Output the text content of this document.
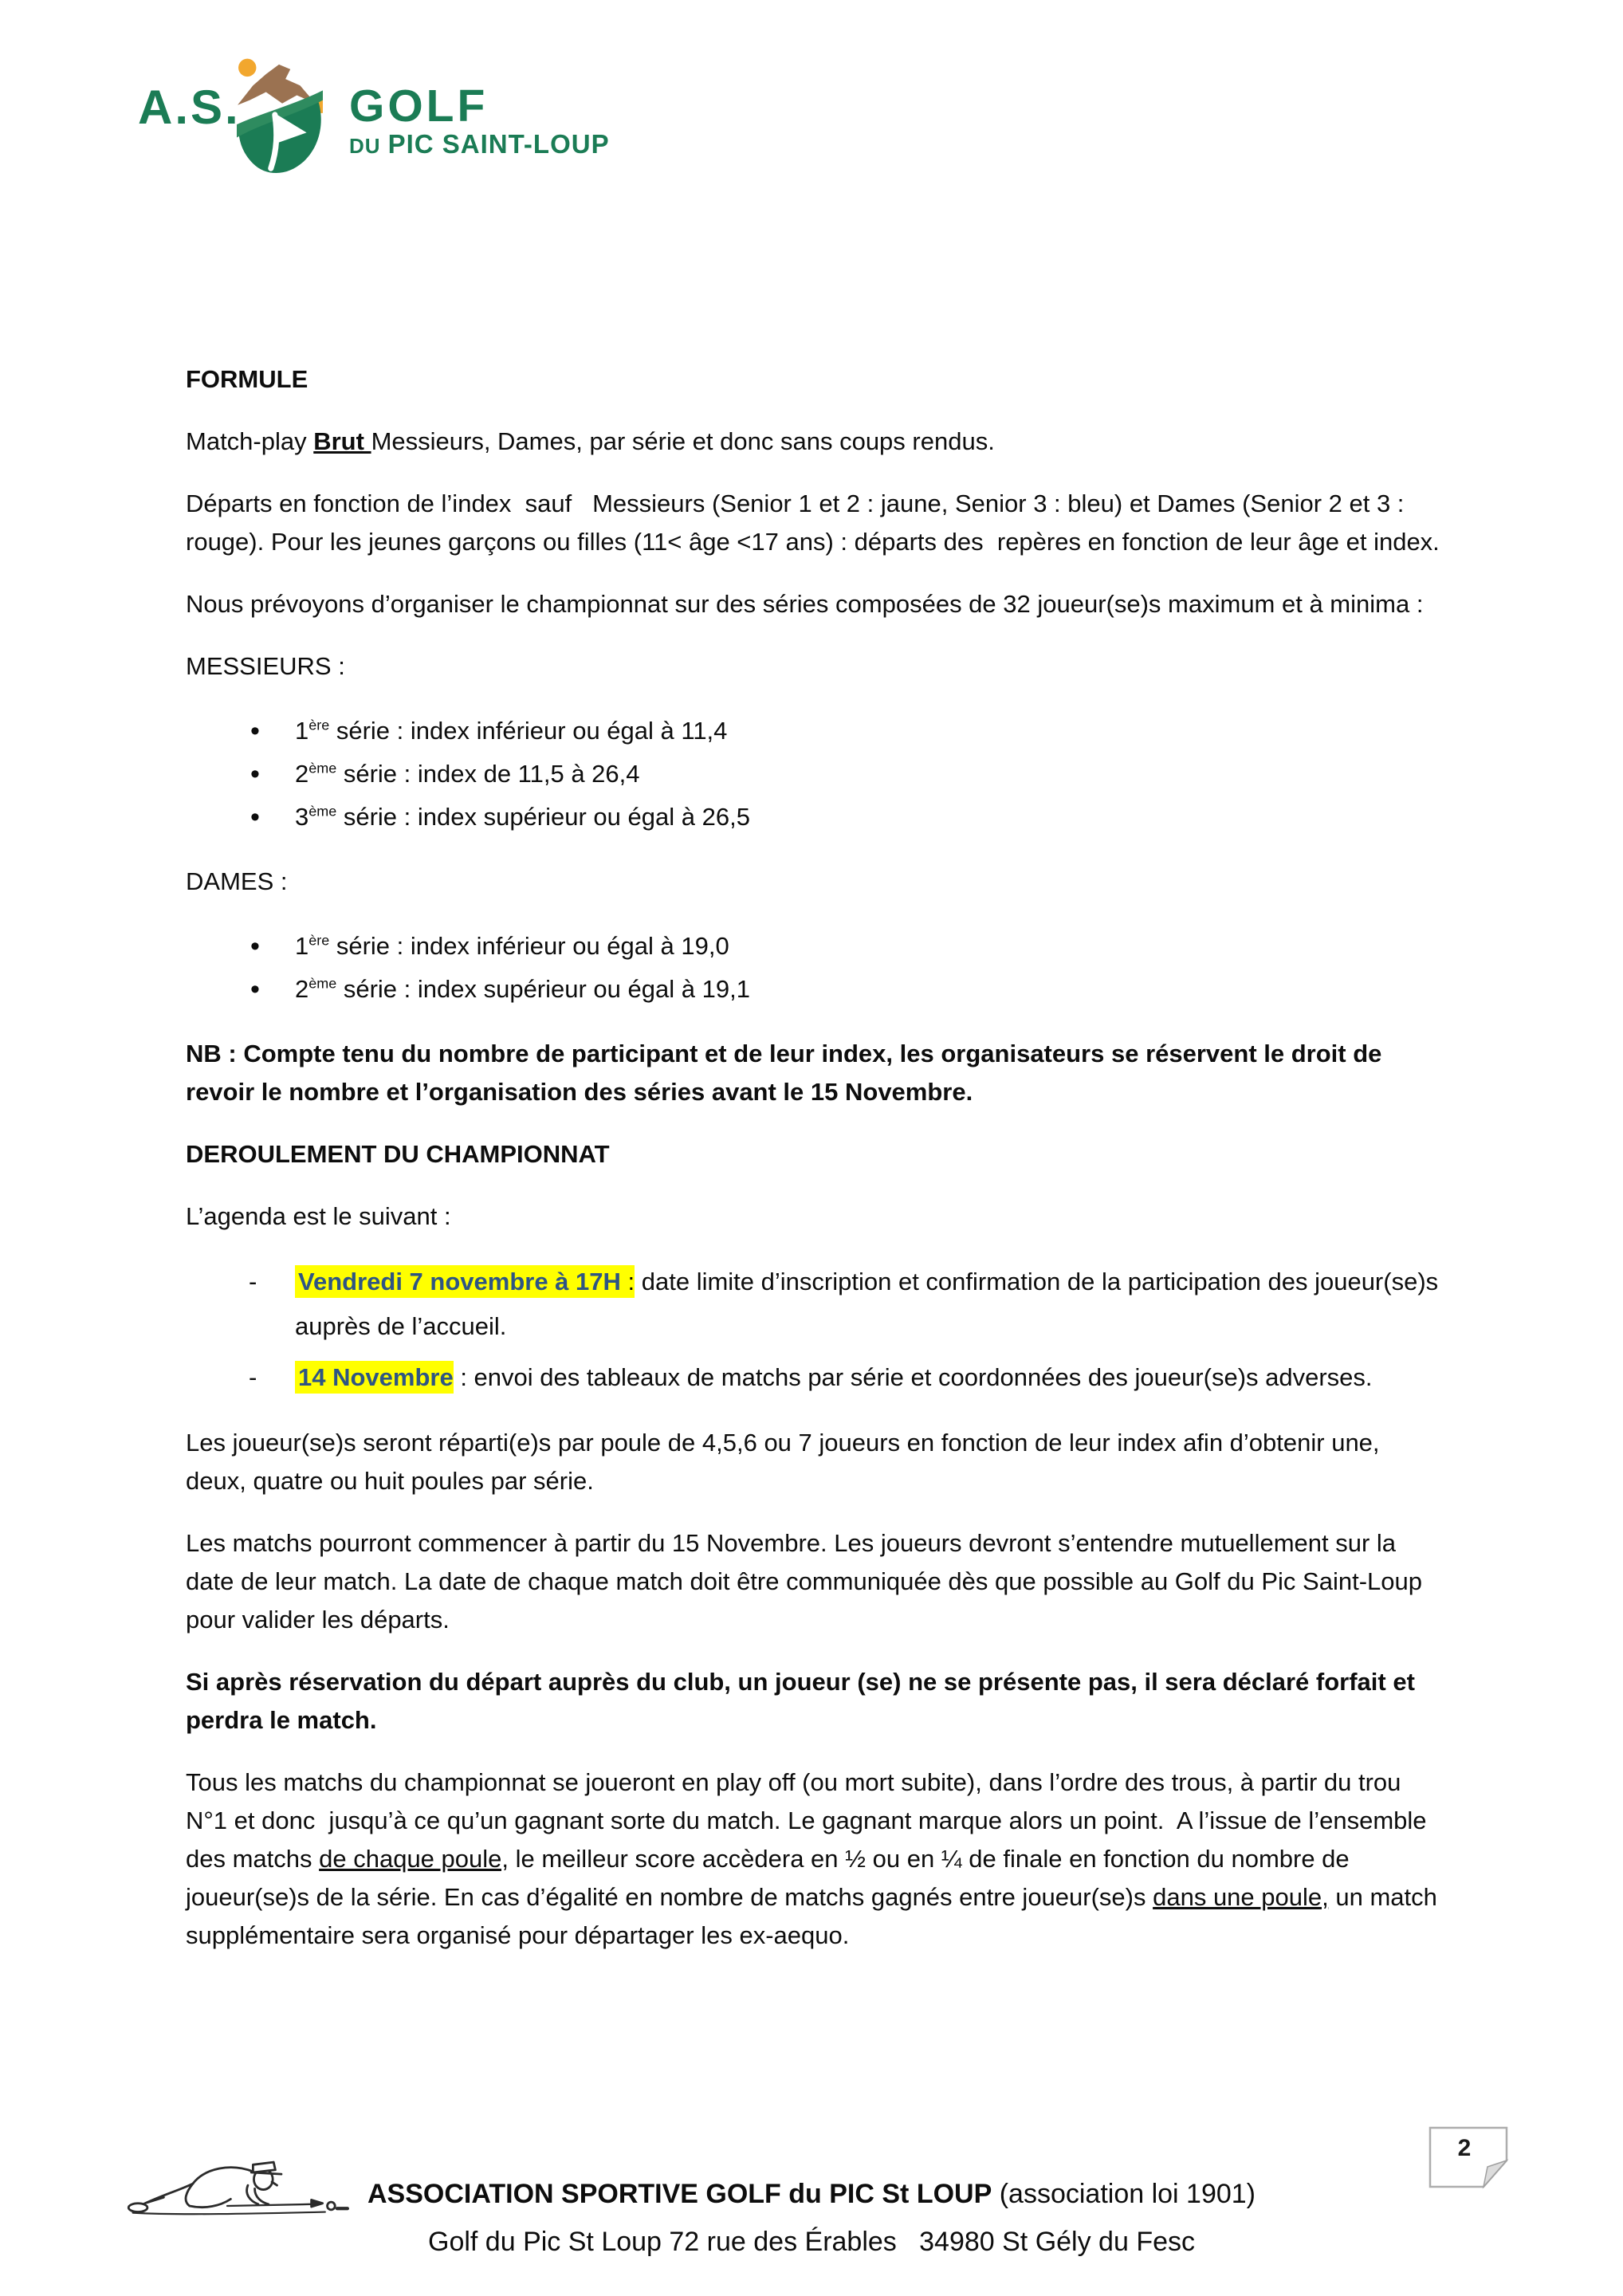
A.S. GOLF
DU PIC SAINT-LOUP

FORMULE

Match-play Brut Messieurs, Dames, par série et donc sans coups rendus.

Départs en fonction de l’index  sauf   Messieurs (Senior 1 et 2 : jaune, Senior 3 : bleu) et Dames (Senior 2 et 3 : rouge). Pour les jeunes garçons ou filles (11< âge <17 ans) : départs des  repères en fonction de leur âge et index.

Nous prévoyons d’organiser le championnat sur des séries composées de 32 joueur(se)s maximum et à minima :

MESSIEURS :

• 1ère série : index inférieur ou égal à 11,4
• 2ème série : index de 11,5 à 26,4
• 3ème série : index supérieur ou égal à 26,5

DAMES :

• 1ère série : index inférieur ou égal à 19,0
• 2ème série : index supérieur ou égal à 19,1

NB : Compte tenu du nombre de participant et de leur index, les organisateurs se réservent le droit de revoir le nombre et l’organisation des séries avant le 15 Novembre.

DEROULEMENT DU CHAMPIONNAT

L’agenda est le suivant :

- Vendredi 7 novembre à 17H : date limite d’inscription et confirmation de la participation des joueur(se)s auprès de l’accueil.
- 14 Novembre : envoi des tableaux de matchs par série et coordonnées des joueur(se)s adverses.

Les joueur(se)s seront réparti(e)s par poule de 4,5,6 ou 7 joueurs en fonction de leur index afin d’obtenir une, deux, quatre ou huit poules par série.

Les matchs pourront commencer à partir du 15 Novembre. Les joueurs devront s’entendre mutuellement sur la date de leur match. La date de chaque match doit être communiquée dès que possible au Golf du Pic Saint-Loup pour valider les départs.

Si après réservation du départ auprès du club, un joueur (se) ne se présente pas, il sera déclaré forfait et perdra le match.

Tous les matchs du championnat se joueront en play off (ou mort subite), dans l’ordre des trous, à partir du trou N°1 et donc  jusqu’à ce qu’un gagnant sorte du match. Le gagnant marque alors un point.  A l’issue de l’ensemble des matchs de chaque poule, le meilleur score accèdera en ½ ou en ¼ de finale en fonction du nombre de joueur(se)s de la série. En cas d’égalité en nombre de matchs gagnés entre joueur(se)s dans une poule, un match supplémentaire sera organisé pour départager les ex-aequo.

2

ASSOCIATION SPORTIVE GOLF du PIC St LOUP (association loi 1901)

Golf du Pic St Loup 72 rue des Érables   34980 St Gély du Fesc
